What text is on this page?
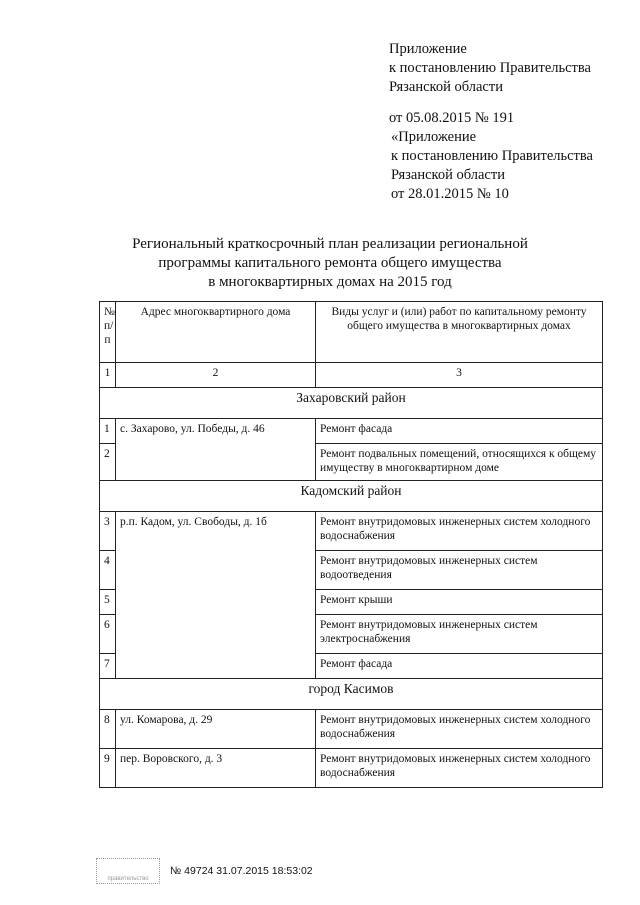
Приложение
к постановлению Правительства
Рязанской области
от 05.08.2015 № 191
«Приложение
к постановлению Правительства
Рязанской области
от 28.01.2015 № 10
Региональный краткосрочный план реализации региональной
программы капитального ремонта общего имущества
в многоквартирных домах на 2015 год
№ п/п	Адрес многоквартирного дома	Виды услуг и (или) работ по капитальному ремонту общего имущества в многоквартирных домах
1	2	3
Захаровский район		
1	с. Захарово, ул. Победы, д. 46	Ремонт фасада
2		Ремонт подвальных помещений, относящихся к общему имуществу в многоквартирном доме
Кадомский район		
3	р.п. Кадом, ул. Свободы, д. 1б	Ремонт внутридомовых инженерных систем холодного водоснабжения
4		Ремонт внутридомовых инженерных систем водоотведения
5		Ремонт крыши
6		Ремонт внутридомовых инженерных систем электроснабжения
7		Ремонт фасада
город Касимов		
8	ул. Комарова, д. 29	Ремонт внутридомовых инженерных систем холодного водоснабжения
9	пер. Воровского, д. 3	Ремонт внутридомовых инженерных систем холодного водоснабжения
правительство
№ 49724 31.07.2015 18:53:02
